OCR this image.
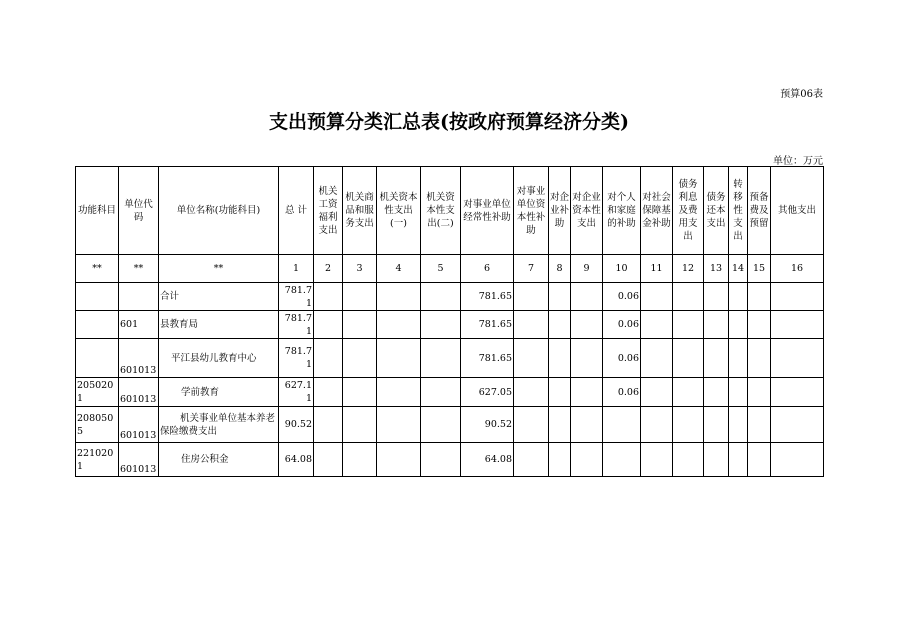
预算06表
支出预算分类汇总表(按政府预算经济分类)
单位：万元
功能科目	单位代码	单位名称(功能科目)	总 计	机关工资福利支出	机关商品和服务支出	机关资本性支出(一)	机关资本性支出(二)	对事业单位经常性补助	对事业单位资本性补助	对企业补助	对企业资本性支出	对个人和家庭的补助	对社会保障基金补助	债务利息及费用支出	债务还本支出	转移性支出	预备费及预留	其他支出
**	**	**	1	2	3	4	5	6	7	8	9	10	11	12	13	14	15	16
		合计	781.71					781.65				0.06						
	601	县教育局	781.71					781.65				0.06						
	601013	平江县幼儿教育中心	781.71					781.65				0.06						
2050201	601013	学前教育	627.11					627.05				0.06						
2080505	601013	机关事业单位基本养老保险缴费支出	90.52					90.52										
2210201	601013	住房公积金	64.08					64.08										
